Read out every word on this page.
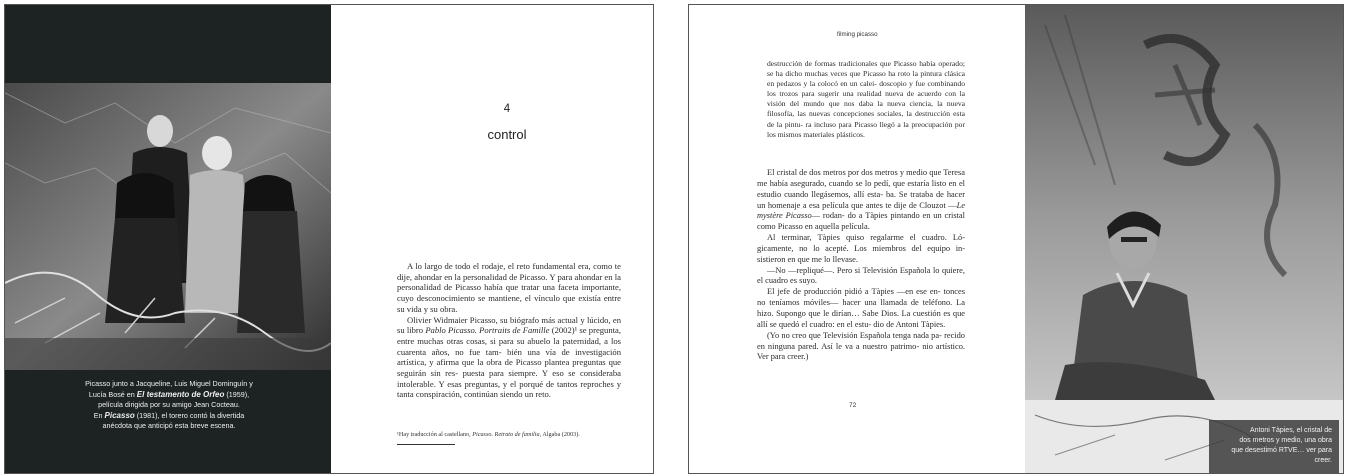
Picasso junto a Jacqueline, Luis Miguel Dominguín y
Lucía Bosé en El testamento de Orfeo (1959),
película dirigida por su amigo Jean Cocteau.
En Picasso (1981), el torero contó la divertida
anécdota que anticipó esta breve escena.
4
control

A lo largo de todo el rodaje, el reto fundamental era, como te dije, ahondar en la personalidad de Picasso. Y para ahondar en la personalidad de Picasso había que tratar una faceta importante, cuyo desconocimiento se mantiene, el vínculo que existía entre su vida y su obra.

Olivier Widmaier Picasso, su biógrafo más actual y lúcido, en su libro Pablo Picasso. Portraits de Famille (2002)¹ se pregunta, entre muchas otras cosas, si para su abuelo la paternidad, a los cuarenta años, no fue tam- bién una vía de investigación artística, y afirma que la obra de Picasso plantea preguntas que seguirán sin res- puesta para siempre. Y eso se consideraba intolerable. Y esas preguntas, y el porqué de tantos reproches y tanta conspiración, continúan siendo un reto.

¹Hay traducción al castellano, Picasso. Retrato de familia, Algaba (2003).
filming picasso

destrucción de formas tradicionales que Picasso había operado; se ha dicho muchas veces que Picasso ha roto la pintura clásica en pedazos y la colocó en un calei- doscopio y fue combinando los trozos para sugerir una realidad nueva de acuerdo con la visión del mundo que nos daba la nueva ciencia, la nueva filosofía, las nuevas concepciones sociales, la destrucción esta de la pintu- ra incluso para Picasso llegó a la preocupación por los mismos materiales plásticos.

El cristal de dos metros por dos metros y medio que Teresa me había asegurado, cuando se lo pedí, que estaría listo en el estudio cuando llegásemos, allí esta- ba. Se trataba de hacer un homenaje a esa película que antes te dije de Clouzot —Le mystère Picasso— rodan- do a Tàpies pintando en un cristal como Picasso en aquella película.

Al terminar, Tàpies quiso regalarme el cuadro. Ló- gicamente, no lo acepté. Los miembros del equipo in- sistieron en que me lo llevase.

—No —repliqué—. Pero si Televisión Española lo quiere, el cuadro es suyo.

El jefe de producción pidió a Tàpies —en ese en- tonces no teníamos móviles— hacer una llamada de teléfono. La hizo. Supongo que le dirían… Sabe Dios. La cuestión es que allí se quedó el cuadro: en el estu- dio de Antoni Tàpies.

(Yo no creo que Televisión Española tenga nada pa- recido en ninguna pared. Así le va a nuestro patrimo- nio artístico. Ver para creer.)

72
Antoni Tàpies, el cristal de
dos metros y medio, una obra
que desestimó RTVE… ver para
creer.
